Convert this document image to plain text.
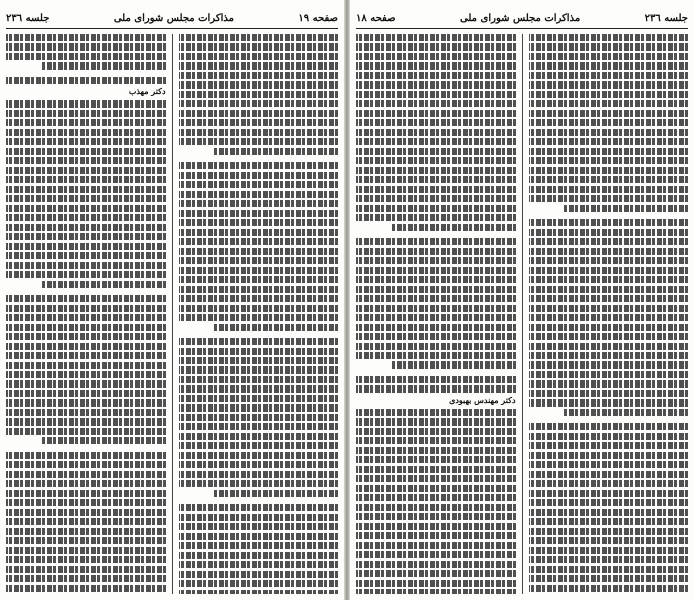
صفحه ١٩
مذاکرات مجلس شورای ملی
جلسه ٢٣٦
دکتر مهذب
جلسه ٢٣٦
مذاکرات مجلس شورای ملی
صفحه ١٨
دکتر مهندس بهبودی
